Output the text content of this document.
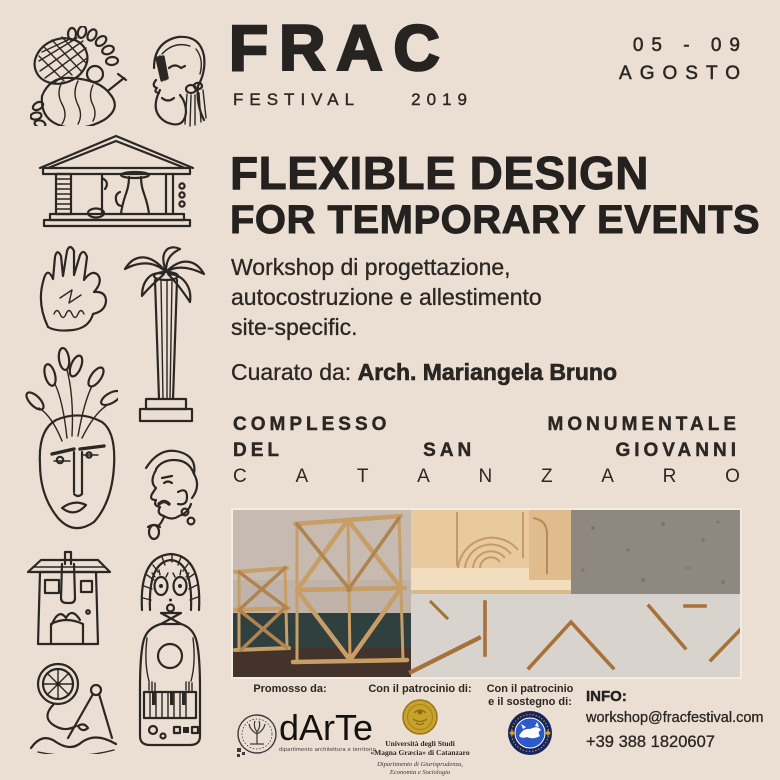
FRAC
FESTIVAL	2019
05 - 09
AGOSTO
FLEXIBLE DESIGN
FOR TEMPORARY EVENTS
Workshop di progettazione,
autocostruzione e allestimento
site-specific.
Cuarato da: Arch. Mariangela Bruno
COMPLESSO	MONUMENTALE
DEL	SAN	GIOVANNI
C	A	T	A	N	Z	A	R	O
Promosso da:
dArTe
dipartimento architettura e territorio
Con il patrocinio di:
Università degli Studi
«Magna Græcia» di Catanzaro
Dipartimento di Giurisprudenza,
Economia e Sociologia
Con il patrocinio
e il sostegno di: INFO:
workshop@fracfestival.com
+39 388 1820607
